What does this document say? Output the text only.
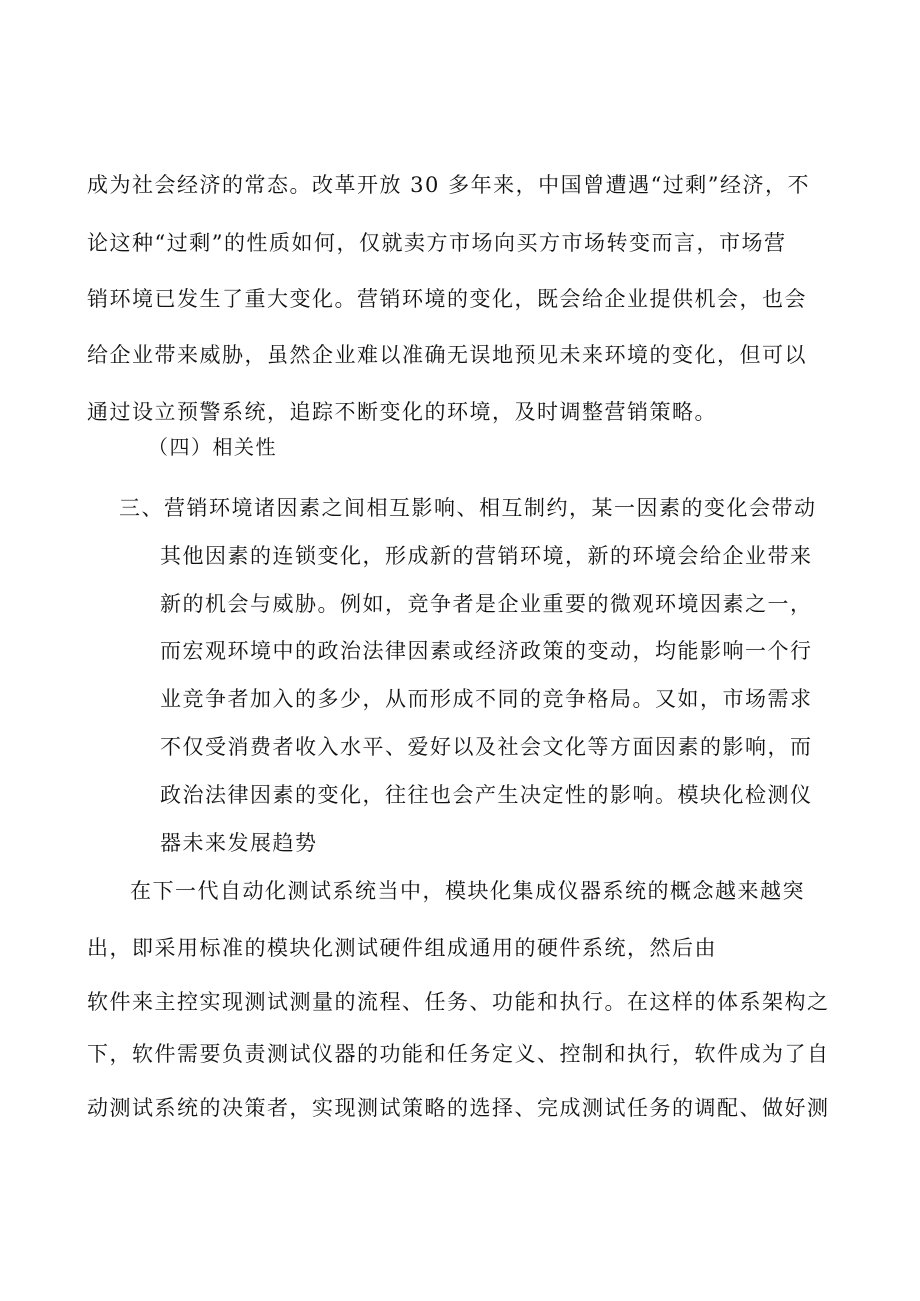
成为社会经济的常态。改革开放 30 多年来，中国曾遭遇“过剩”经济，不
论这种“过剩”的性质如何，仅就卖方市场向买方市场转变而言，市场营
销环境已发生了重大变化。营销环境的变化，既会给企业提供机会，也会
给企业带来威胁，虽然企业难以准确无误地预见未来环境的变化，但可以
通过设立预警系统，追踪不断变化的环境，及时调整营销策略。
（四）相关性
三、营销环境诸因素之间相互影响、相互制约，某一因素的变化会带动
其他因素的连锁变化，形成新的营销环境，新的环境会给企业带来
新的机会与威胁。例如，竞争者是企业重要的微观环境因素之一，
而宏观环境中的政治法律因素或经济政策的变动，均能影响一个行
业竞争者加入的多少，从而形成不同的竞争格局。又如，市场需求
不仅受消费者收入水平、爱好以及社会文化等方面因素的影响，而
政治法律因素的变化，往往也会产生决定性的影响。模块化检测仪
器未来发展趋势
在下一代自动化测试系统当中，模块化集成仪器系统的概念越来越突
出，即采用标准的模块化测试硬件组成通用的硬件系统，然后由
软件来主控实现测试测量的流程、任务、功能和执行。在这样的体系架构之
下，软件需要负责测试仪器的功能和任务定义、控制和执行，软件成为了自
动测试系统的决策者，实现测试策略的选择、完成测试任务的调配、做好测
